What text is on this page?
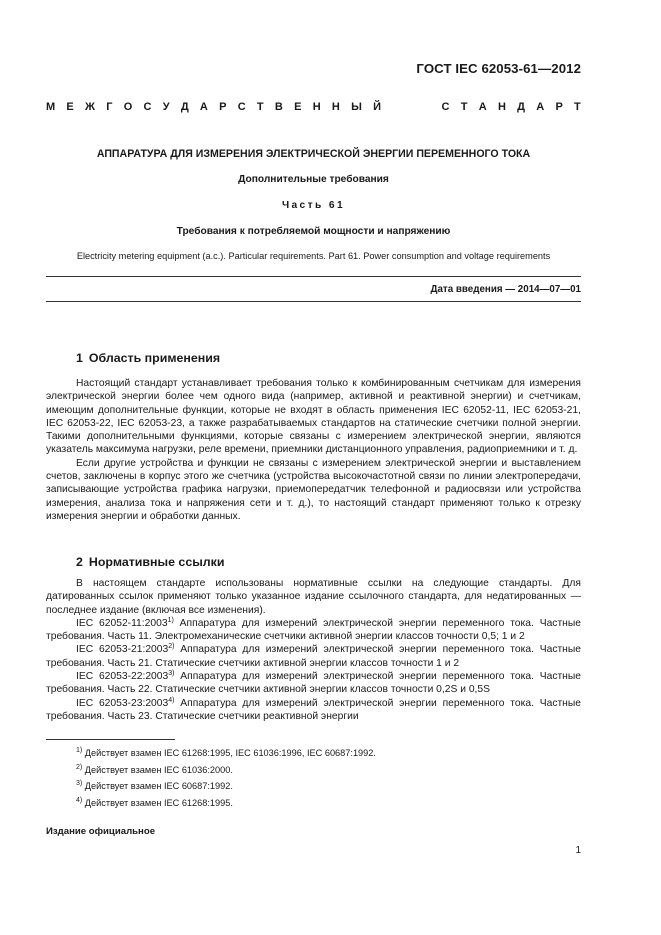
ГОСТ IEC 62053-61—2012
М Е Ж Г О С У Д А Р С Т В Е Н Н Ы Й	С Т А Н Д А Р Т
АППАРАТУРА ДЛЯ ИЗМЕРЕНИЯ ЭЛЕКТРИЧЕСКОЙ ЭНЕРГИИ ПЕРЕМЕННОГО ТОКА
Дополнительные требования
Часть 61
Требования к потребляемой мощности и напряжению
Electricity metering equipment (a.c.). Particular requirements. Part 61. Power consumption and voltage requirements
Дата введения — 2014—07—01
1 Область применения

Настоящий стандарт устанавливает требования только к комбинированным счетчикам для измерения электрической энергии более чем одного вида (например, активной и реактивной энергии) и счетчикам, имеющим дополнительные функции, которые не входят в область применения IEC 62052-11, IEC 62053-21, IEC 62053-22, IEC 62053-23, а также разрабатываемых стандартов на статические счетчики полной энергии. Такими дополнительными функциями, которые связаны с измерением электрической энергии, являются указатель максимума нагрузки, реле времени, приемники дистанционного управления, радиоприемники и т. д.

Если другие устройства и функции не связаны с измерением электрической энергии и выставлением счетов, заключены в корпус этого же счетчика (устройства высокочастотной связи по линии электропередачи, записывающие устройства графика нагрузки, приемопередатчик телефонной и радиосвязи или устройства измерения, анализа тока и напряжения сети и т. д.), то настоящий стандарт применяют только к отрезку измерения энергии и обработки данных.

2 Нормативные ссылки

В настоящем стандарте использованы нормативные ссылки на следующие стандарты. Для датированных ссылок применяют только указанное издание ссылочного стандарта, для недатированных — последнее издание (включая все изменения).

IEC 62052-11:2003$^{1)}$ Аппаратура для измерений электрической энергии переменного тока. Частные требования. Часть 11. Электромеханические счетчики активной энергии классов точности 0,5; 1 и 2

IEC 62053-21:2003$^{2)}$ Аппаратура для измерений электрической энергии переменного тока. Частные требования. Часть 21. Статические счетчики активной энергии классов точности 1 и 2

IEC 62053-22:2003$^{3)}$ Аппаратура для измерений электрической энергии переменного тока. Частные требования. Часть 22. Статические счетчики активной энергии классов точности 0,2S и 0,5S

IEC 62053-23:2003$^{4)}$ Аппаратура для измерений электрической энергии переменного тока. Частные требования. Часть 23. Статические счетчики реактивной энергии

$^{1)}$ Действует взамен IEC 61268:1995, IEC 61036:1996, IEC 60687:1992.
$^{2)}$ Действует взамен IEC 61036:2000.
$^{3)}$ Действует взамен IEC 60687:1992.
$^{4)}$ Действует взамен IEC 61268:1995.
Издание официальное
1
